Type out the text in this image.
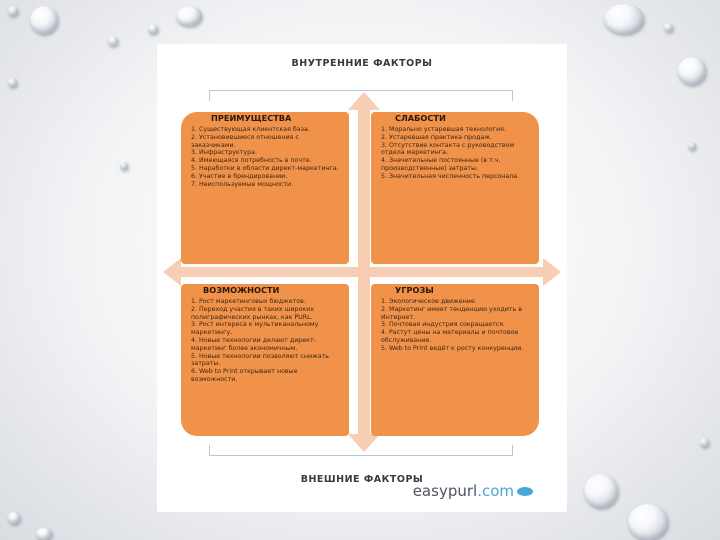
ВНУТРЕННИЕ ФАКТОРЫ
ПРЕИМУЩЕСТВА
1. Существующая клиентская база.
2. Установившиеся отношения с заказчиками.
3. Инфраструктура.
4. Имеющаяся потребность в почте.
5. Наработки в области директ-маркетинга.
6. Участие в брендировании.
7. Неиспользуемые мощности.
СЛАБОСТИ
1. Морально устаревшая технология.
2. Устаревшая практика продаж.
3. Отсутствие контакта с руководством отдела маркетинга.
4. Значительные постоянные (в т.ч. производственные) затраты.
5. Значительная численность персонала.
ВОЗМОЖНОСТИ
1. Рост маркетинговых бюджетов.
2. Переход участия в таких широких полиграфических рынках, как PURL.
3. Рост интереса к мультиканальному маркетингу.
4. Новые технологии делают директ-маркетинг более экономичным.
5. Новые технологии позволяют снижать затраты.
6. Web to Print открывает новые возможности.
УГРОЗЫ
1. Экологическое движение.
2. Маркетинг имеет тенденцию уходить в Интернет.
3. Почтовая индустрия сокращается.
4. Растут цены на материалы и почтовое обслуживание.
5. Web to Print ведёт к росту конкуренции.
ВНЕШНИЕ ФАКТОРЫ
easypurl.com
